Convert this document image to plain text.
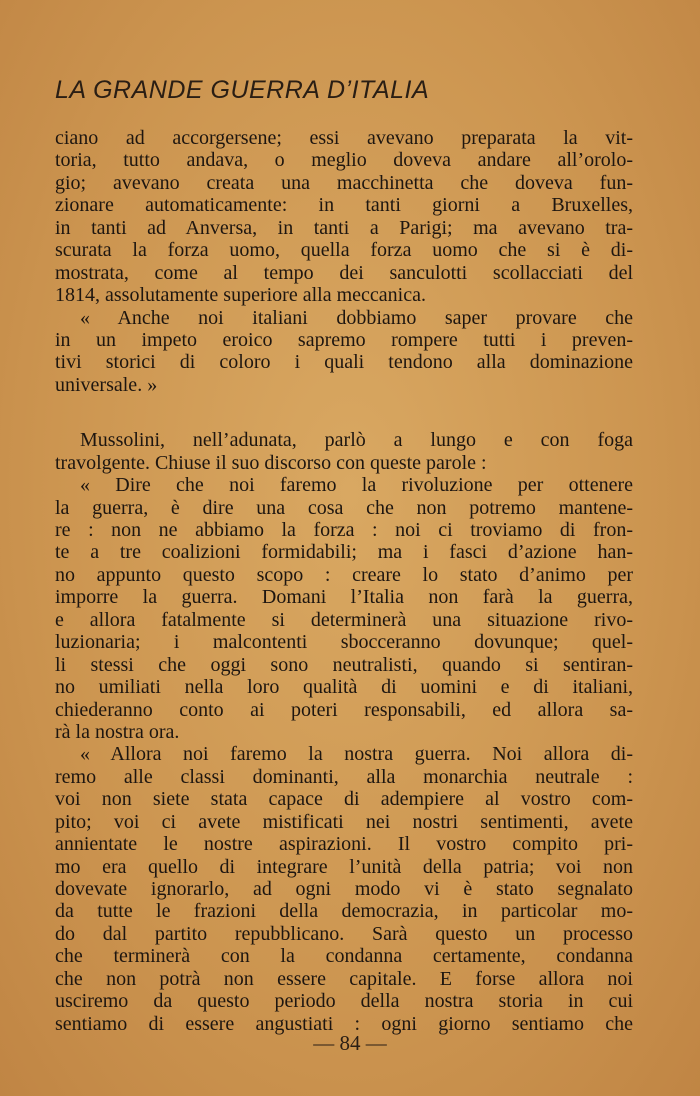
LA GRANDE GUERRA D’ITALIA
ciano ad accorgersene; essi avevano preparata la vit-
toria, tutto andava, o meglio doveva andare all’orolo-
gio; avevano creata una macchinetta che doveva fun-
zionare automaticamente: in tanti giorni a Bruxelles,
in tanti ad Anversa, in tanti a Parigi; ma avevano tra-
scurata la forza uomo, quella forza uomo che si è di-
mostrata, come al tempo dei sanculotti scollacciati del
1814, assolutamente superiore alla meccanica.
« Anche noi italiani dobbiamo saper provare che
in un impeto eroico sapremo rompere tutti i preven-
tivi storici di coloro i quali tendono alla dominazione
universale. »
Mussolini, nell’adunata, parlò a lungo e con foga
travolgente. Chiuse il suo discorso con queste parole :
« Dire che noi faremo la rivoluzione per ottenere
la guerra, è dire una cosa che non potremo mantene-
re : non ne abbiamo la forza : noi ci troviamo di fron-
te a tre coalizioni formidabili; ma i fasci d’azione han-
no appunto questo scopo : creare lo stato d’animo per
imporre la guerra. Domani l’Italia non farà la guerra,
e allora fatalmente si determinerà una situazione rivo-
luzionaria; i malcontenti sbocceranno dovunque; quel-
li stessi che oggi sono neutralisti, quando si sentiran-
no umiliati nella loro qualità di uomini e di italiani,
chiederanno conto ai poteri responsabili, ed allora sa-
rà la nostra ora.
« Allora noi faremo la nostra guerra. Noi allora di-
remo alle classi dominanti, alla monarchia neutrale :
voi non siete stata capace di adempiere al vostro com-
pito; voi ci avete mistificati nei nostri sentimenti, avete
annientate le nostre aspirazioni. Il vostro compito pri-
mo era quello di integrare l’unità della patria; voi non
dovevate ignorarlo, ad ogni modo vi è stato segnalato
da tutte le frazioni della democrazia, in particolar mo-
do dal partito repubblicano. Sarà questo un processo
che terminerà con la condanna certamente, condanna
che non potrà non essere capitale. E forse allora noi
usciremo da questo periodo della nostra storia in cui
sentiamo di essere angustiati : ogni giorno sentiamo che
— 84 —
